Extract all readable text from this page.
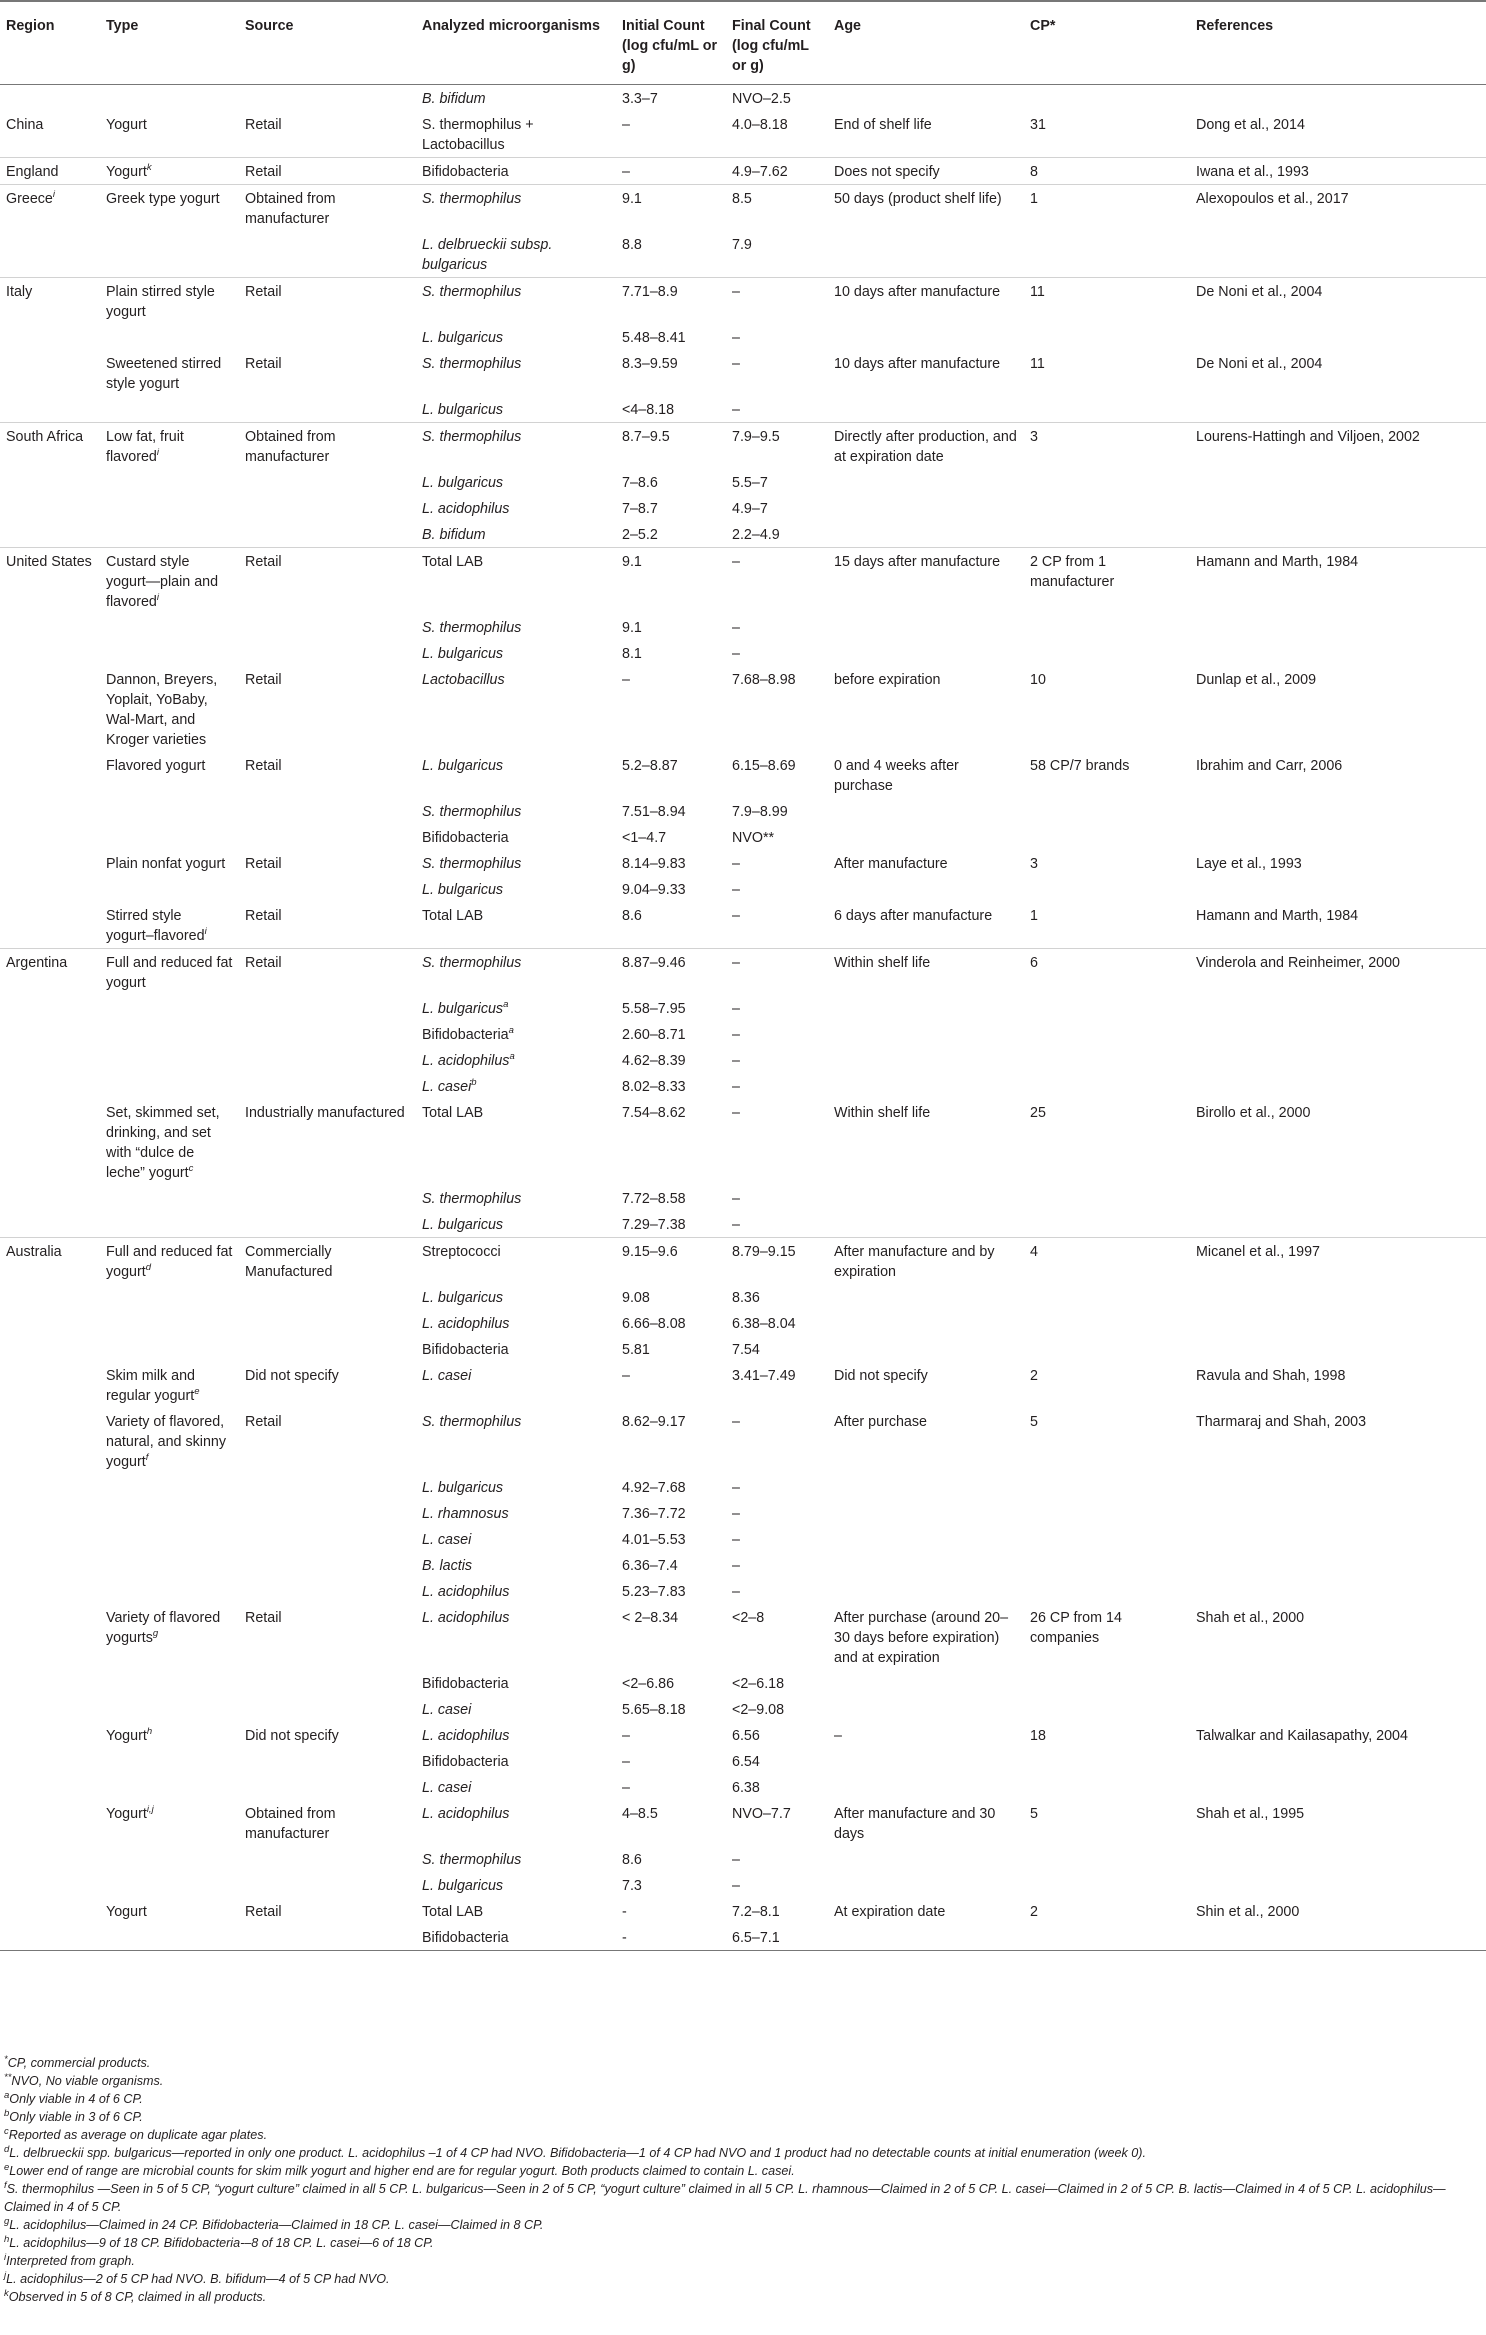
Region	Type	Source	Analyzed microorganisms	Initial Count (log cfu/mL or g)	Final Count (log cfu/mL or g)	Age	CP*	References
			B. bifidum	3.3–7	NVO–2.5			
China	Yogurt	Retail	S. thermophilus + Lactobacillus	–	4.0–8.18	End of shelf life	31	Dong et al., 2014
England	Yogurt$^k$	Retail	Bifidobacteria	–	4.9–7.62	Does not specify	8	Iwana et al., 1993
Greece$^i$	Greek type yogurt	Obtained from manufacturer	S. thermophilus	9.1	8.5	50 days (product shelf life)	1	Alexopoulos et al., 2017
			L. delbrueckii subsp. bulgaricus	8.8	7.9			
Italy	Plain stirred style yogurt	Retail	S. thermophilus	7.71–8.9	–	10 days after manufacture	11	De Noni et al., 2004
			L. bulgaricus	5.48–8.41	–			
	Sweetened stirred style yogurt	Retail	S. thermophilus	8.3–9.59	–	10 days after manufacture	11	De Noni et al., 2004
			L. bulgaricus	<4–8.18	–			
South Africa	Low fat, fruit flavored$^i$	Obtained from manufacturer	S. thermophilus	8.7–9.5	7.9–9.5	Directly after production, and at expiration date	3	Lourens-Hattingh and Viljoen, 2002
			L. bulgaricus	7–8.6	5.5–7			
			L. acidophilus	7–8.7	4.9–7			
			B. bifidum	2–5.2	2.2–4.9			
United States	Custard style yogurt—plain and flavored$^i$	Retail	Total LAB	9.1	–	15 days after manufacture	2 CP from 1 manufacturer	Hamann and Marth, 1984
			S. thermophilus	9.1	–			
			L. bulgaricus	8.1	–			
	Dannon, Breyers, Yoplait, YoBaby, Wal-Mart, and Kroger varieties	Retail	Lactobacillus	–	7.68–8.98	before expiration	10	Dunlap et al., 2009
	Flavored yogurt	Retail	L. bulgaricus	5.2–8.87	6.15–8.69	0 and 4 weeks after purchase	58 CP/7 brands	Ibrahim and Carr, 2006
			S. thermophilus	7.51–8.94	7.9–8.99			
			Bifidobacteria	<1–4.7	NVO**			
	Plain nonfat yogurt	Retail	S. thermophilus	8.14–9.83	–	After manufacture	3	Laye et al., 1993
			L. bulgaricus	9.04–9.33	–			
	Stirred style yogurt–flavored$^i$	Retail	Total LAB	8.6	–	6 days after manufacture	1	Hamann and Marth, 1984
Argentina	Full and reduced fat yogurt	Retail	S. thermophilus	8.87–9.46	–	Within shelf life	6	Vinderola and Reinheimer, 2000
			L. bulgaricus$^a$	5.58–7.95	–			
			Bifidobacteria$^a$	2.60–8.71	–			
			L. acidophilus$^a$	4.62–8.39	–			
			L. casei$^b$	8.02–8.33	–			
	Set, skimmed set, drinking, and set with “dulce de leche” yogurt$^c$	Industrially manufactured	Total LAB	7.54–8.62	–	Within shelf life	25	Birollo et al., 2000
			S. thermophilus	7.72–8.58	–			
			L. bulgaricus	7.29–7.38	–			
Australia	Full and reduced fat yogurt$^d$	Commercially Manufactured	Streptococci	9.15–9.6	8.79–9.15	After manufacture and by expiration	4	Micanel et al., 1997
			L. bulgaricus	9.08	8.36			
			L. acidophilus	6.66–8.08	6.38–8.04			
			Bifidobacteria	5.81	7.54			
	Skim milk and regular yogurt$^e$	Did not specify	L. casei	–	3.41–7.49	Did not specify	2	Ravula and Shah, 1998
	Variety of flavored, natural, and skinny yogurt$^f$	Retail	S. thermophilus	8.62–9.17	–	After purchase	5	Tharmaraj and Shah, 2003
			L. bulgaricus	4.92–7.68	–			
			L. rhamnosus	7.36–7.72	–			
			L. casei	4.01–5.53	–			
			B. lactis	6.36–7.4	–			
			L. acidophilus	5.23–7.83	–			
	Variety of flavored yogurts$^g$	Retail	L. acidophilus	< 2–8.34	<2–8	After purchase (around 20–30 days before expiration) and at expiration	26 CP from 14 companies	Shah et al., 2000
			Bifidobacteria	<2–6.86	<2–6.18			
			L. casei	5.65–8.18	<2–9.08			
	Yogurt$^h$	Did not specify	L. acidophilus	–	6.56	–	18	Talwalkar and Kailasapathy, 2004
			Bifidobacteria	–	6.54			
			L. casei	–	6.38			
	Yogurt$^{i,j}$	Obtained from manufacturer	L. acidophilus	4–8.5	NVO–7.7	After manufacture and 30 days	5	Shah et al., 1995
			S. thermophilus	8.6	–			
			L. bulgaricus	7.3	–			
	Yogurt	Retail	Total LAB	-	7.2–8.1	At expiration date	2	Shin et al., 2000
			Bifidobacteria	-	6.5–7.1			
*CP, commercial products.
**NVO, No viable organisms.
$^a$Only viable in 4 of 6 CP.
$^b$Only viable in 3 of 6 CP.
$^c$Reported as average on duplicate agar plates.
$^d$L. delbrueckii spp. bulgaricus—reported in only one product. L. acidophilus –1 of 4 CP had NVO. Bifidobacteria—1 of 4 CP had NVO and 1 product had no detectable counts at initial enumeration (week 0).
$^e$Lower end of range are microbial counts for skim milk yogurt and higher end are for regular yogurt. Both products claimed to contain L. casei.
$^f$S. thermophilus —Seen in 5 of 5 CP, “yogurt culture” claimed in all 5 CP. L. bulgaricus—Seen in 2 of 5 CP, “yogurt culture” claimed in all 5 CP. L. rhamnous—Claimed in 2 of 5 CP. L. casei—Claimed in 2 of 5 CP. B. lactis—Claimed in 4 of 5 CP. L. acidophilus—Claimed in 4 of 5 CP.
$^g$L. acidophilus—Claimed in 24 CP. Bifidobacteria—Claimed in 18 CP. L. casei—Claimed in 8 CP.
$^h$L. acidophilus—9 of 18 CP. Bifidobacteria-–8 of 18 CP. L. casei—6 of 18 CP.
$^i$Interpreted from graph.
$^j$L. acidophilus—2 of 5 CP had NVO. B. bifidum—4 of 5 CP had NVO.
$^k$Observed in 5 of 8 CP, claimed in all products.
